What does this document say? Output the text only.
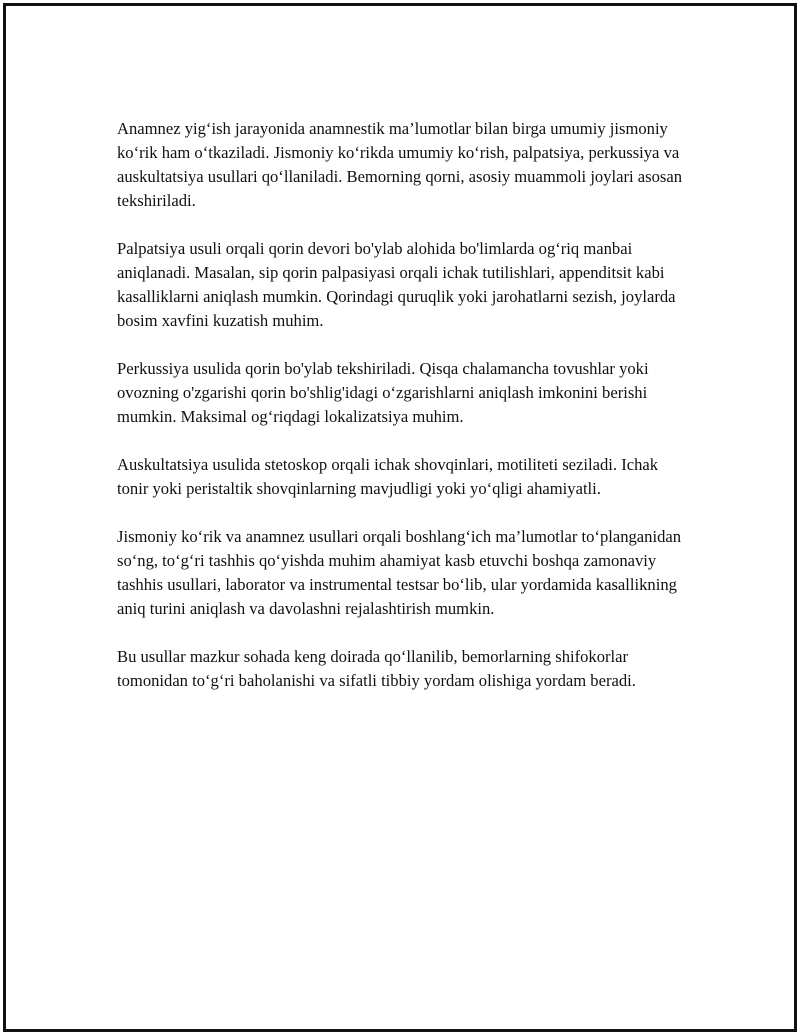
Anamnez yig‘ish jarayonida anamnestik ma’lumotlar bilan birga umumiy jismoniy ko‘rik ham o‘tkaziladi. Jismoniy ko‘rikda umumiy ko‘rish, palpatsiya, perkussiya va auskultatsiya usullari qo‘llaniladi. Bemorning qorni, asosiy muammoli joylari asosan tekshiriladi.

Palpatsiya usuli orqali qorin devori bo'ylab alohida bo'limlarda og‘riq manbai aniqlanadi. Masalan, sip qorin palpasiyasi orqali ichak tutilishlari, appenditsit kabi kasalliklarni aniqlash mumkin. Qorindagi quruqlik yoki jarohatlarni sezish, joylarda bosim xavfini kuzatish muhim.

Perkussiya usulida qorin bo'ylab tekshiriladi. Qisqa chalamancha tovushlar yoki ovozning o'zgarishi qorin bo'shlig'idagi o‘zgarishlarni aniqlash imkonini berishi mumkin. Maksimal og‘riqdagi lokalizatsiya muhim.

Auskultatsiya usulida stetoskop orqali ichak shovqinlari, motiliteti seziladi. Ichak tonir yoki peristaltik shovqinlarning mavjudligi yoki yo‘qligi ahamiyatli.

Jismoniy ko‘rik va anamnez usullari orqali boshlang‘ich ma’lumotlar to‘planganidan so‘ng, to‘g‘ri tashhis qo‘yishda muhim ahamiyat kasb etuvchi boshqa zamonaviy tashhis usullari, laborator va instrumental testsar bo‘lib, ular yordamida kasallikning aniq turini aniqlash va davolashni rejalashtirish mumkin.

Bu usullar mazkur sohada keng doirada qo‘llanilib, bemorlarning shifokorlar tomonidan to‘g‘ri baholanishi va sifatli tibbiy yordam olishiga yordam beradi.
